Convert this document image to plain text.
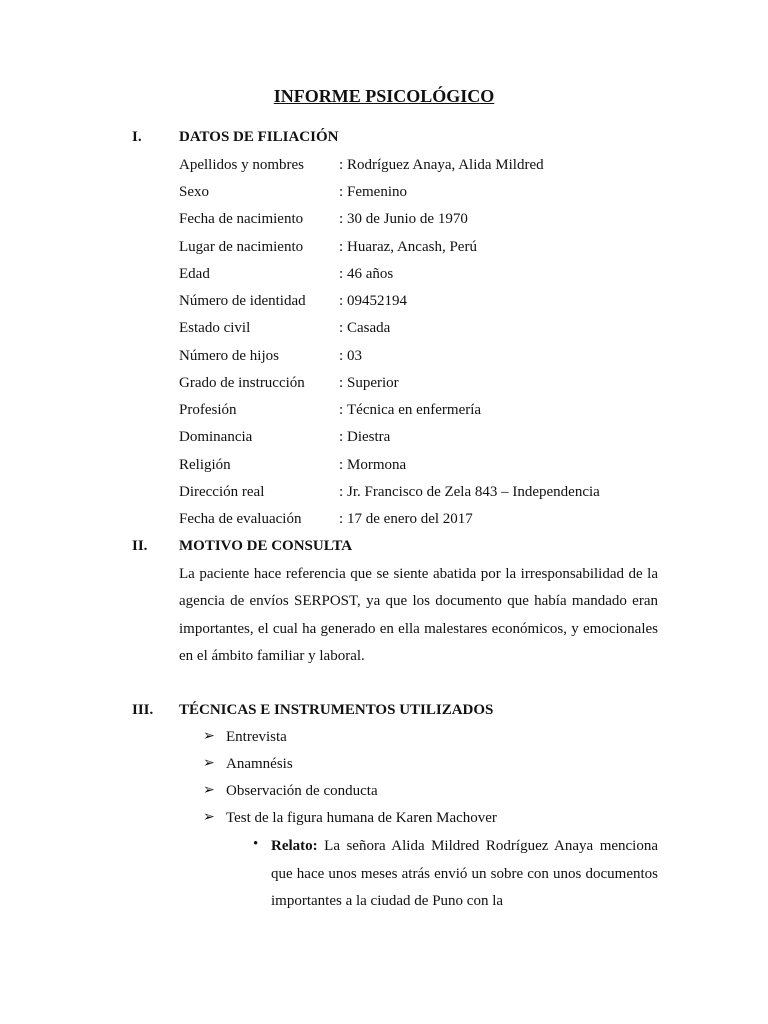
INFORME PSICOLÓGICO
I. DATOS DE FILIACIÓN
Apellidos y nombres : Rodríguez Anaya, Alida Mildred
Sexo	: Femenino
Fecha de nacimiento : 30 de Junio de 1970
Lugar de nacimiento : Huaraz, Ancash, Perú
Edad	: 46 años
Número de identidad : 09452194
Estado civil	: Casada
Número de hijos	: 03
Grado de instrucción : Superior
Profesión	: Técnica en enfermería
Dominancia	: Diestra
Religión	: Mormona
Dirección real	: Jr. Francisco de Zela 843 – Independencia
Fecha de evaluación	: 17 de enero del 2017
II. MOTIVO DE CONSULTA

La paciente hace referencia que se siente abatida por la irresponsabilidad de la agencia de envíos SERPOST, ya que los documento que había mandado eran importantes, el cual ha generado en ella malestares económicos, y emocionales en el ámbito familiar y laboral.

III. TÉCNICAS E INSTRUMENTOS UTILIZADOS
➢ Entrevista
➢ Anamnésis
➢ Observación de conducta
➢ Test de la figura humana de Karen Machover
• Relato: La señora Alida Mildred Rodríguez Anaya menciona que hace unos meses atrás envió un sobre con unos documentos importantes a la ciudad de Puno con la
